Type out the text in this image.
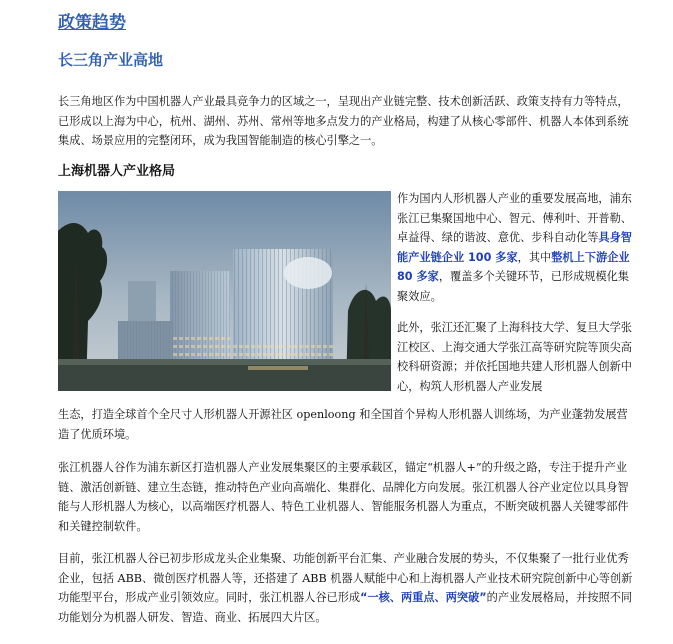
政策趋势
长三角产业高地

长三角地区作为中国机器人产业最具竞争力的区域之一，呈现出产业链完整、技术创新活跃、政策支持有力等特点，已形成以上海为中心，杭州、湖州、苏州、常州等地多点发力的产业格局，构建了从核心零部件、机器人本体到系统集成、场景应用的完整闭环，成为我国智能制造的核心引擎之一。

上海机器人产业格局

作为国内人形机器人产业的重要发展高地，浦东张江已集聚国地中心、智元、傅利叶、开普勒、卓益得、绿的谐波、意优、步科自动化等具身智能产业链企业 100 多家，其中整机上下游企业 80 多家，覆盖多个关键环节，已形成规模化集聚效应。

此外，张江还汇聚了上海科技大学、复旦大学张江校区、上海交通大学张江高等研究院等顶尖高校科研资源；并依托国地共建人形机器人创新中心，构筑人形机器人产业发展

生态，打造全球首个全尺寸人形机器人开源社区 openloong 和全国首个异构人形机器人训练场，为产业蓬勃发展营造了优质环境。

张江机器人谷作为浦东新区打造机器人产业发展集聚区的主要承载区，锚定“机器人+”的升级之路，专注于提升产业链、激活创新链、建立生态链，推动特色产业向高端化、集群化、品牌化方向发展。张江机器人谷产业定位以具身智能与人形机器人为核心，以高端医疗机器人、特色工业机器人、智能服务机器人为重点，不断突破机器人关键零部件和关键控制软件。

目前，张江机器人谷已初步形成龙头企业集聚、功能创新平台汇集、产业融合发展的势头，不仅集聚了一批行业优秀企业，包括 ABB、微创医疗机器人等，还搭建了 ABB 机器人赋能中心和上海机器人产业技术研究院创新中心等创新功能型平台，形成产业引领效应。同时，张江机器人谷已形成“一核、两重点、两突破”的产业发展格局，并按照不同功能划分为机器人研发、智造、商业、拓展四大片区。
